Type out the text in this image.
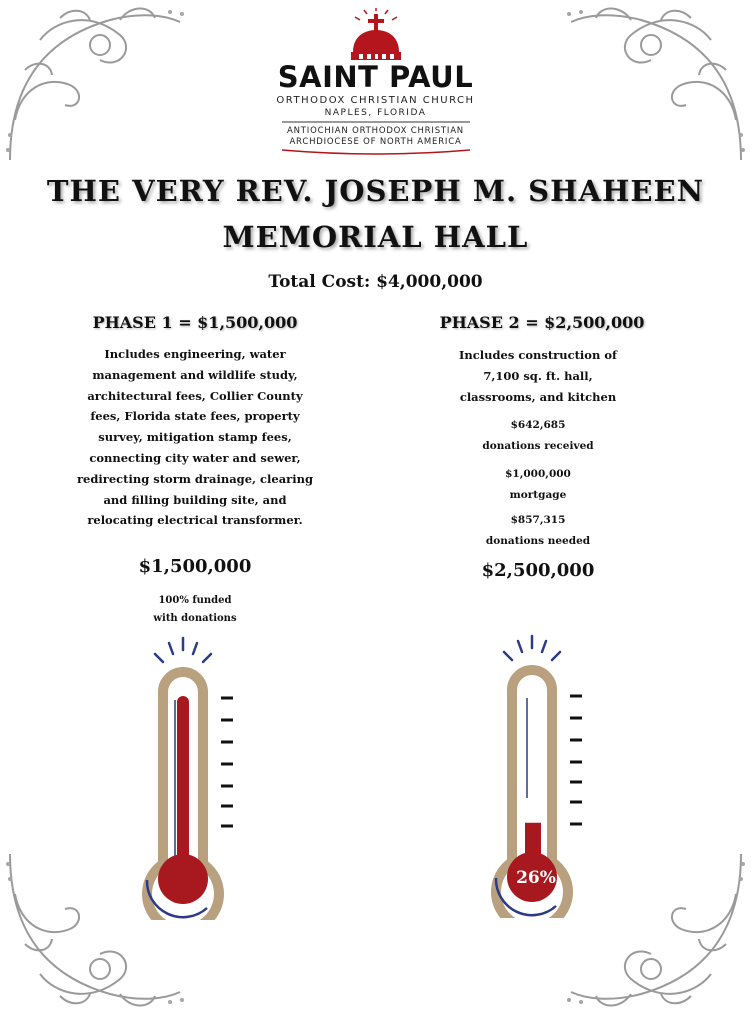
SAINT PAUL
ORTHODOX CHRISTIAN CHURCH
NAPLES, FLORIDA
ANTIOCHIAN ORTHODOX CHRISTIAN
ARCHDIOCESE OF NORTH AMERICA
THE VERY REV. JOSEPH M. SHAHEEN
MEMORIAL HALL
Total Cost: $4,000,000
PHASE 1 = $1,500,000
Includes engineering, water
management and wildlife study,
architectural fees, Collier County
fees, Florida state fees, property
survey, mitigation stamp fees,
connecting city water and sewer,
redirecting storm drainage, clearing
and filling building site, and
relocating electrical transformer.
$1,500,000
100% funded
with donations
PHASE 2 = $2,500,000
Includes construction of
7,100 sq. ft. hall,
classrooms, and kitchen
$642,685
donations received
$1,000,000
mortgage
$857,315
donations needed
$2,500,000
26%
